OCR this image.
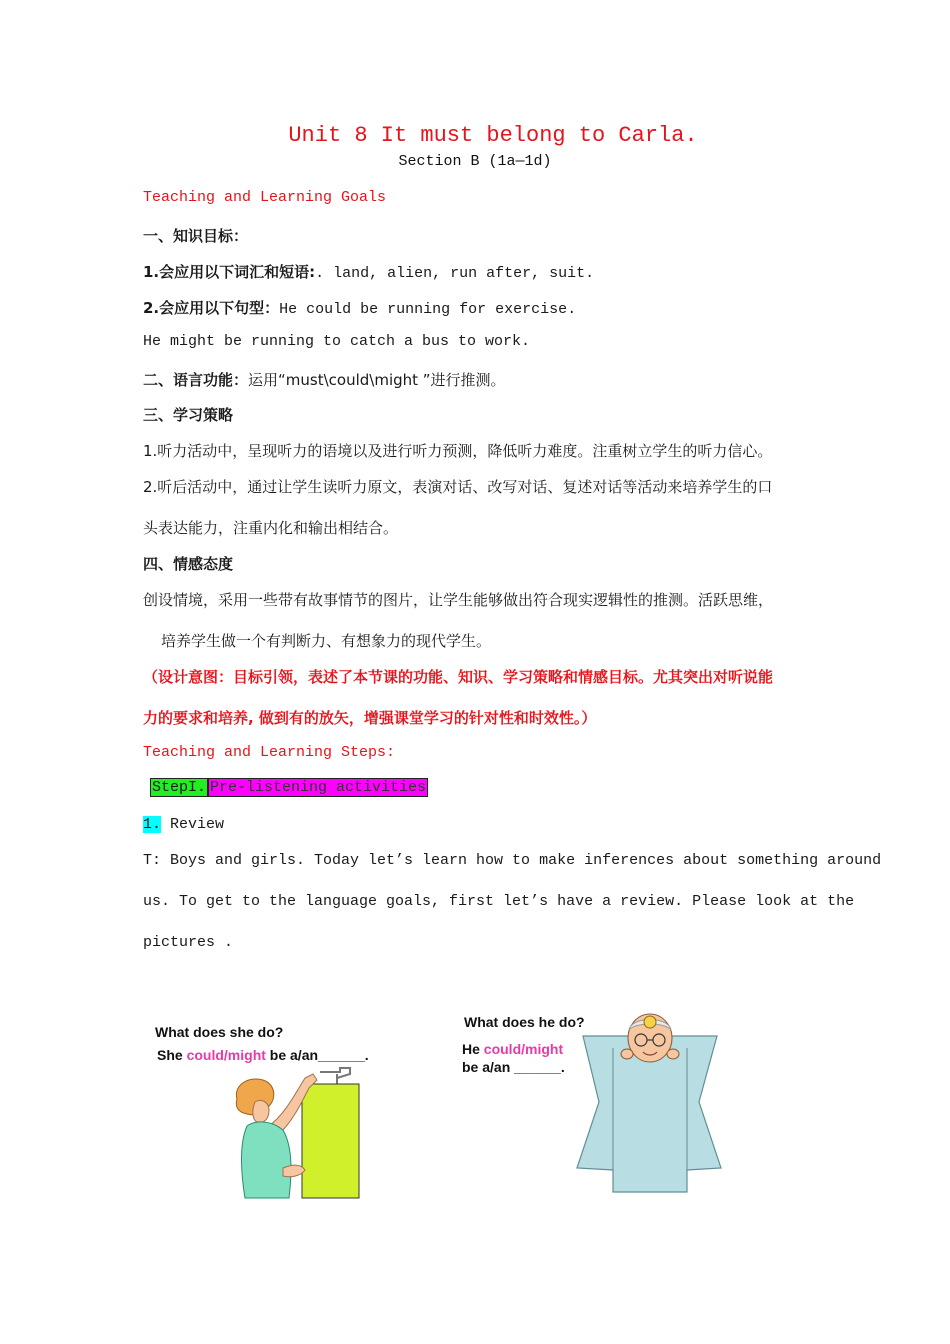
Unit 8 It must belong to Carla.
Section B (1a—1d)
Teaching and Learning Goals
一、知识目标：
1.会应用以下词汇和短语:. land, alien, run after, suit.
2.会应用以下句型：He could be running for exercise.
He might be running to catch a bus to work.
二、语言功能：运用“must\could\might ”进行推测。
三、学习策略
1.听力活动中，呈现听力的语境以及进行听力预测，降低听力难度。注重树立学生的听力信心。
2.听后活动中，通过让学生读听力原文，表演对话、改写对话、复述对话等活动来培养学生的口
头表达能力，注重内化和输出相结合。
四、情感态度
创设情境，采用一些带有故事情节的图片，让学生能够做出符合现实逻辑性的推测。活跃思维，
培养学生做一个有判断力、有想象力的现代学生。
（设计意图：目标引领，表述了本节课的功能、知识、学习策略和情感目标。尤其突出对听说能
力的要求和培养, 做到有的放矢，增强课堂学习的针对性和时效性。）
Teaching and Learning Steps:
StepI. Pre-listening activities
1. Review
T: Boys and girls. Today let’s learn how to make inferences about something around
us. To get to the language goals, first let’s have a review. Please look at the
pictures .
What does she do?
She could/might be a/an______.
What does he do?
He could/might
be a/an ______.
